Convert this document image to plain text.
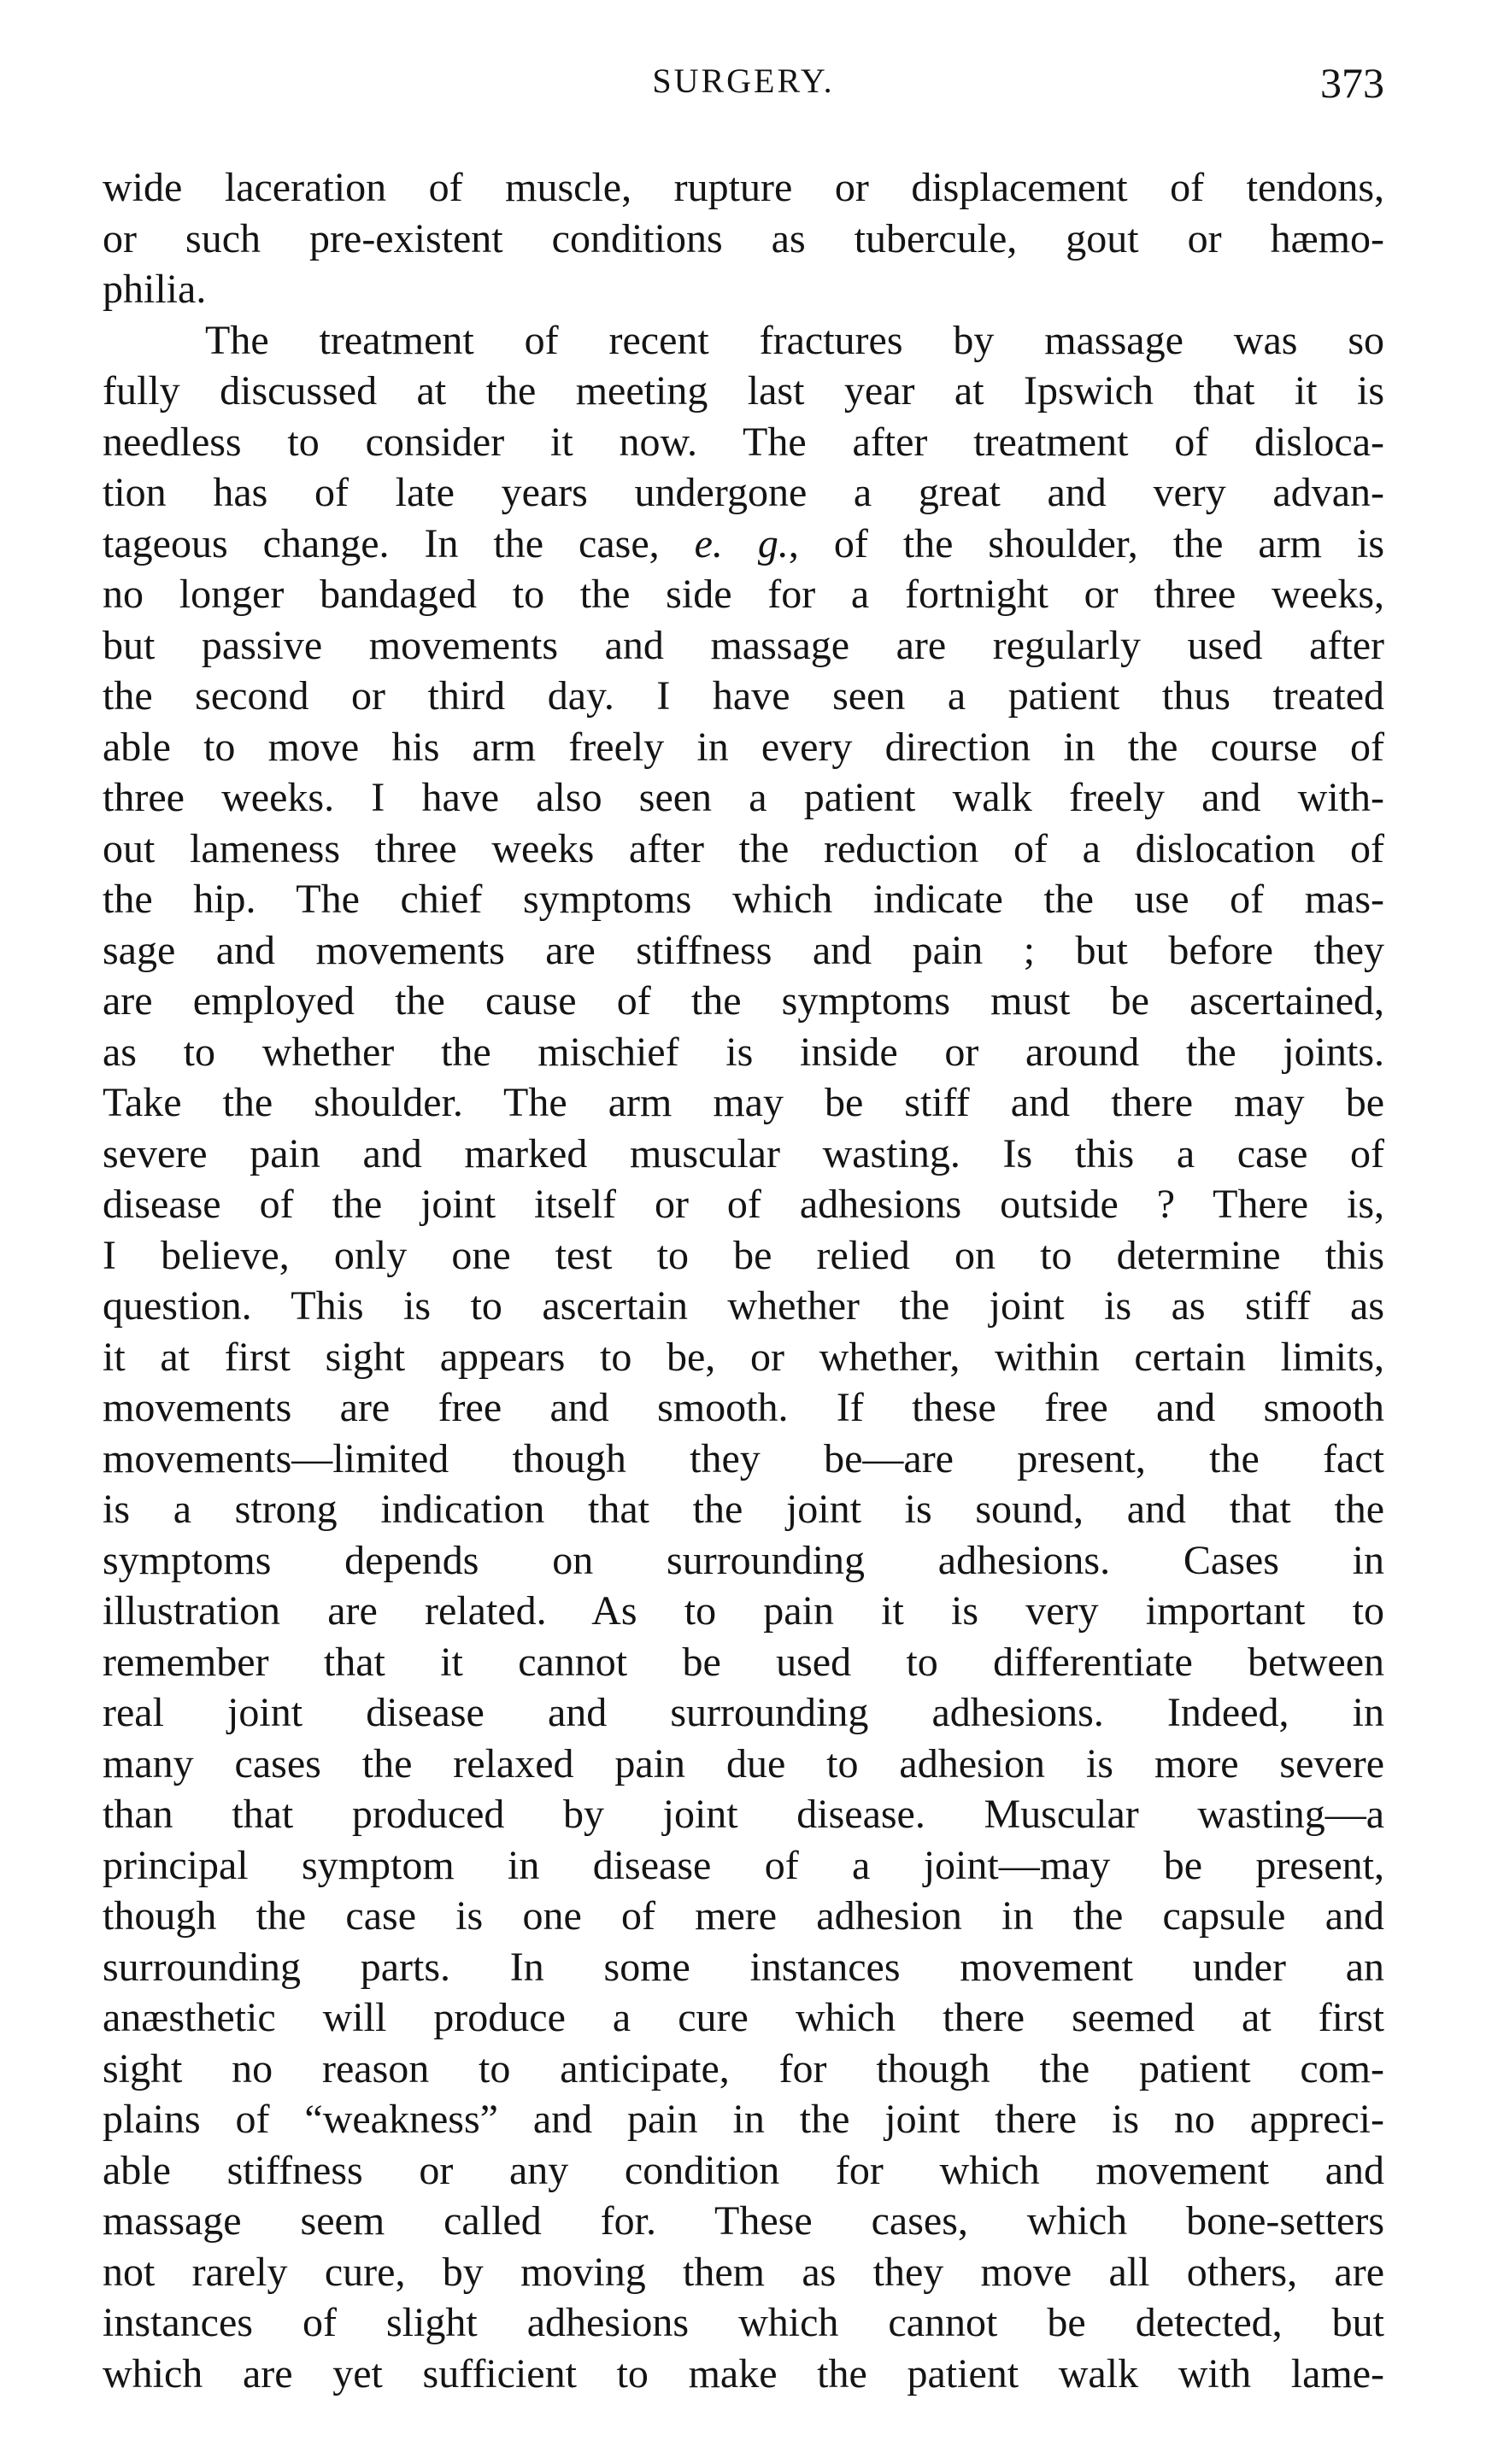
SURGERY.	373
wide laceration of muscle, rupture or displacement of tendons,
or such pre-existent conditions as tubercule, gout or hæmo-
philia.
The treatment of recent fractures by massage was so
fully discussed at the meeting last year at Ipswich that it is
needless to consider it now. The after treatment of disloca-
tion has of late years undergone a great and very advan-
tageous change. In the case, e. g., of the shoulder, the arm is
no longer bandaged to the side for a fortnight or three weeks,
but passive movements and massage are regularly used after
the second or third day. I have seen a patient thus treated
able to move his arm freely in every direction in the course of
three weeks. I have also seen a patient walk freely and with-
out lameness three weeks after the reduction of a dislocation of
the hip. The chief symptoms which indicate the use of mas-
sage and movements are stiffness and pain ; but before they
are employed the cause of the symptoms must be ascertained,
as to whether the mischief is inside or around the joints.
Take the shoulder. The arm may be stiff and there may be
severe pain and marked muscular wasting. Is this a case of
disease of the joint itself or of adhesions outside ? There is,
I believe, only one test to be relied on to determine this
question. This is to ascertain whether the joint is as stiff as
it at first sight appears to be, or whether, within certain limits,
movements are free and smooth. If these free and smooth
movements—limited though they be—are present, the fact
is a strong indication that the joint is sound, and that the
symptoms depends on surrounding adhesions. Cases in
illustration are related. As to pain it is very important to
remember that it cannot be used to differentiate between
real joint disease and surrounding adhesions. Indeed, in
many cases the relaxed pain due to adhesion is more severe
than that produced by joint disease. Muscular wasting—a
principal symptom in disease of a joint—may be present,
though the case is one of mere adhesion in the capsule and
surrounding parts. In some instances movement under an
anæsthetic will produce a cure which there seemed at first
sight no reason to anticipate, for though the patient com-
plains of “weakness” and pain in the joint there is no appreci-
able stiffness or any condition for which movement and
massage seem called for. These cases, which bone-setters
not rarely cure, by moving them as they move all others, are
instances of slight adhesions which cannot be detected, but
which are yet sufficient to make the patient walk with lame-
